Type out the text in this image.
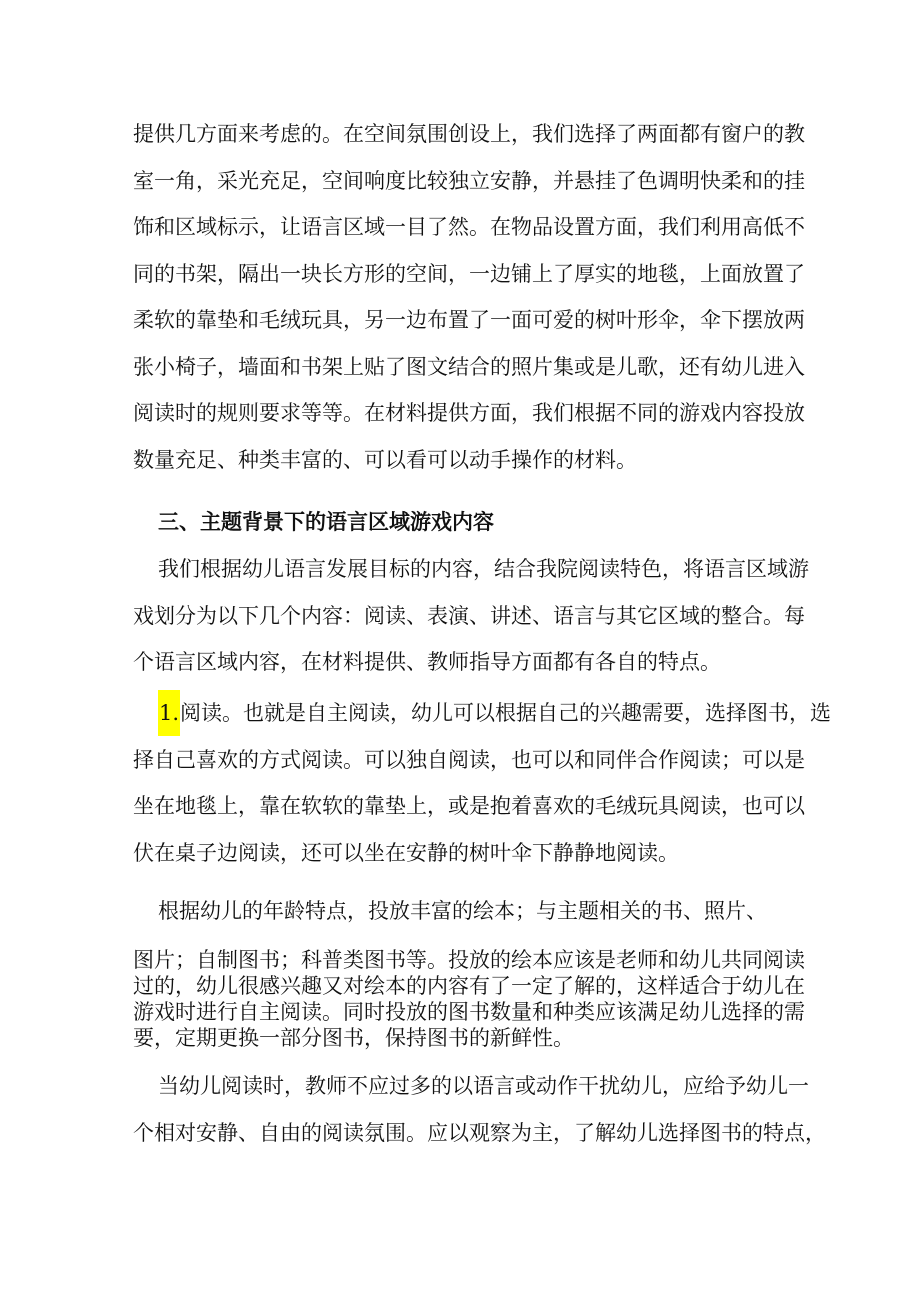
提供几方面来考虑的。在空间氛围创设上，我们选择了两面都有窗户的教
室一角，采光充足，空间响度比较独立安静，并悬挂了色调明快柔和的挂
饰和区域标示，让语言区域一目了然。在物品设置方面，我们利用高低不
同的书架，隔出一块长方形的空间，一边铺上了厚实的地毯，上面放置了
柔软的靠垫和毛绒玩具，另一边布置了一面可爱的树叶形伞，伞下摆放两
张小椅子，墙面和书架上贴了图文结合的照片集或是儿歌，还有幼儿进入
阅读时的规则要求等等。在材料提供方面，我们根据不同的游戏内容投放
数量充足、种类丰富的、可以看可以动手操作的材料。
三、主题背景下的语言区域游戏内容
我们根据幼儿语言发展目标的内容，结合我院阅读特色，将语言区域游
戏划分为以下几个内容：阅读、表演、讲述、语言与其它区域的整合。每
个语言区域内容，在材料提供、教师指导方面都有各自的特点。
1.阅读。也就是自主阅读，幼儿可以根据自己的兴趣需要，选择图书，选
择自己喜欢的方式阅读。可以独自阅读，也可以和同伴合作阅读；可以是
坐在地毯上，靠在软软的靠垫上，或是抱着喜欢的毛绒玩具阅读，也可以
伏在桌子边阅读，还可以坐在安静的树叶伞下静静地阅读。
根据幼儿的年龄特点，投放丰富的绘本；与主题相关的书、照片、
图片；自制图书；科普类图书等。投放的绘本应该是老师和幼儿共同阅读
过的，幼儿很感兴趣又对绘本的内容有了一定了解的，这样适合于幼儿在
游戏时进行自主阅读。同时投放的图书数量和种类应该满足幼儿选择的需
要，定期更换一部分图书，保持图书的新鲜性。
当幼儿阅读时，教师不应过多的以语言或动作干扰幼儿，应给予幼儿一
个相对安静、自由的阅读氛围。应以观察为主，了解幼儿选择图书的特点，
